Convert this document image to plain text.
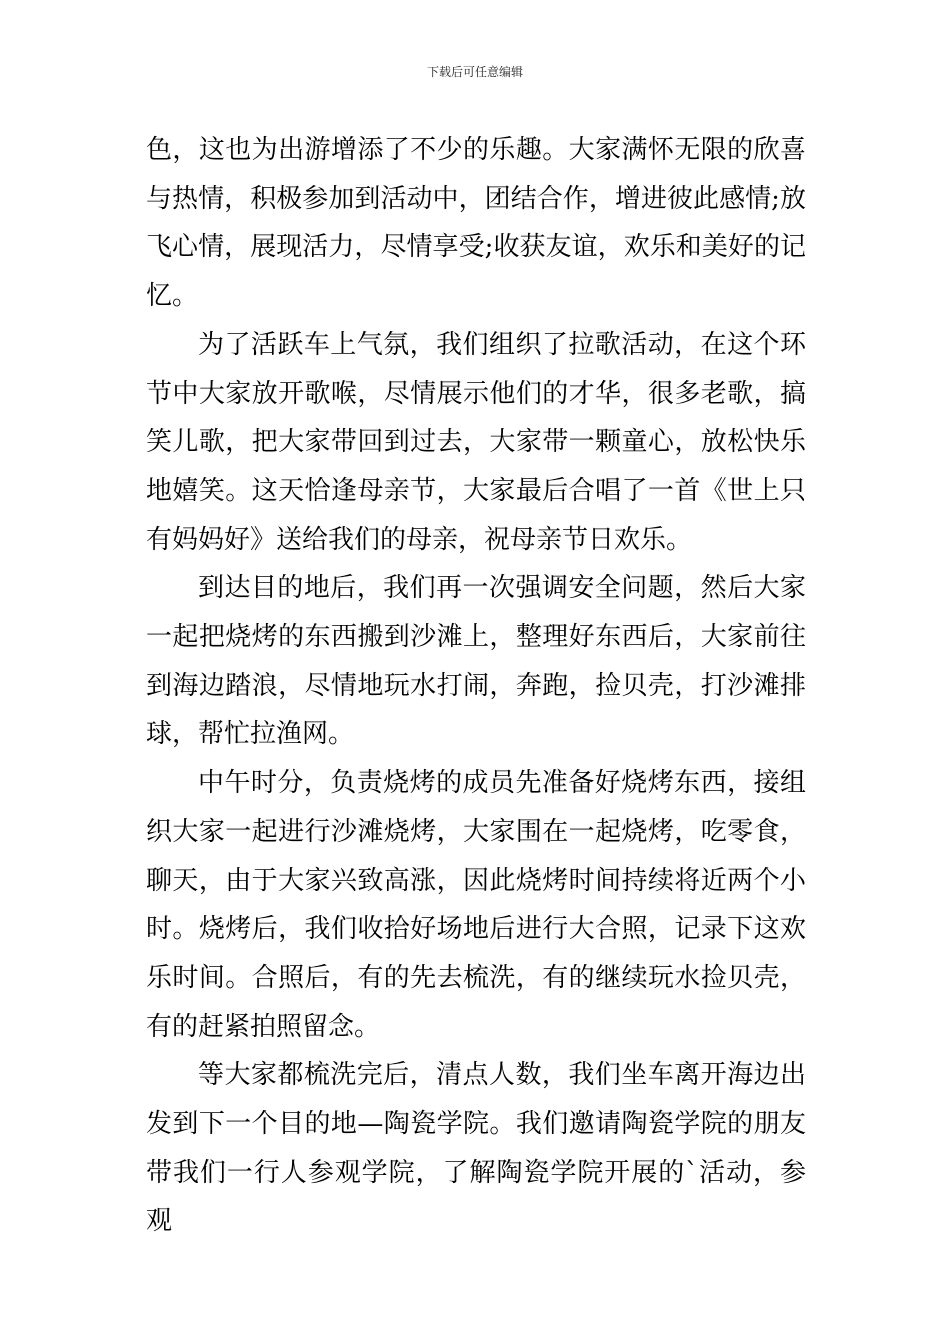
下载后可任意编辑

色，这也为出游增添了不少的乐趣。大家满怀无限的欣喜与热情，积极参加到活动中，团结合作，增进彼此感情;放飞心情，展现活力，尽情享受;收获友谊，欢乐和美好的记忆。

为了活跃车上气氛，我们组织了拉歌活动，在这个环节中大家放开歌喉，尽情展示他们的才华，很多老歌，搞笑儿歌，把大家带回到过去，大家带一颗童心，放松快乐地嬉笑。这天恰逢母亲节，大家最后合唱了一首《世上只有妈妈好》送给我们的母亲，祝母亲节日欢乐。

到达目的地后，我们再一次强调安全问题，然后大家一起把烧烤的东西搬到沙滩上，整理好东西后，大家前往到海边踏浪，尽情地玩水打闹，奔跑，捡贝壳，打沙滩排球，帮忙拉渔网。

中午时分，负责烧烤的成员先准备好烧烤东西，接组织大家一起进行沙滩烧烤，大家围在一起烧烤，吃零食，聊天，由于大家兴致高涨，因此烧烤时间持续将近两个小时。烧烤后，我们收拾好场地后进行大合照，记录下这欢乐时间。合照后，有的先去梳洗，有的继续玩水捡贝壳，有的赶紧拍照留念。

等大家都梳洗完后，清点人数，我们坐车离开海边出发到下一个目的地—陶瓷学院。我们邀请陶瓷学院的朋友带我们一行人参观学院，了解陶瓷学院开展的`活动，参观
